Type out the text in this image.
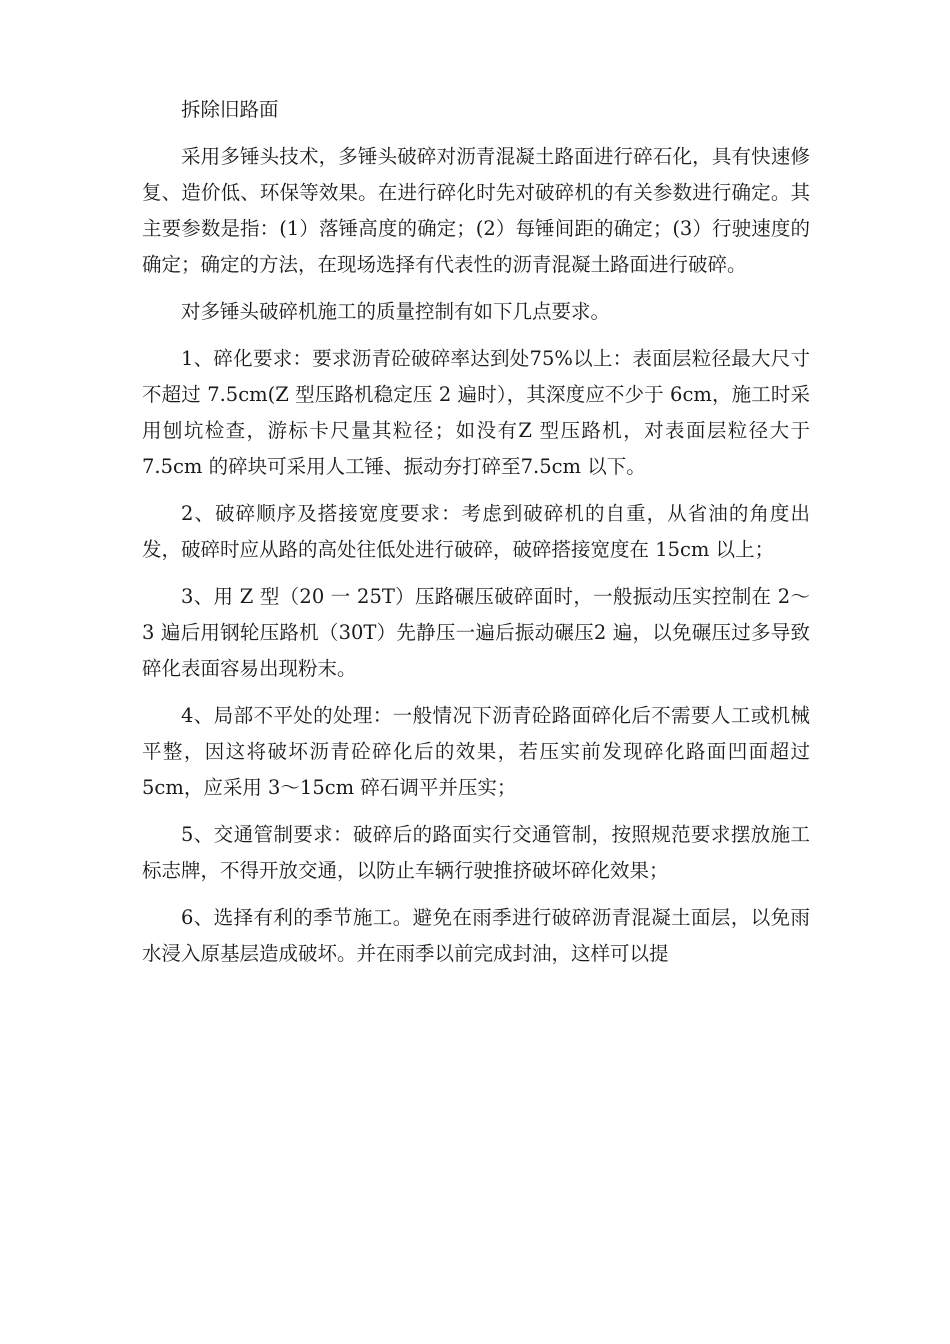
拆除旧路面

采用多锤头技术，多锤头破碎对沥青混凝土路面进行碎石化，具有快速修复、造价低、环保等效果。在进行碎化时先对破碎机的有关参数进行确定。其主要参数是指：(1）落锤高度的确定；(2）每锤间距的确定；(3）行驶速度的确定；确定的方法，在现场选择有代表性的沥青混凝土路面进行破碎。

对多锤头破碎机施工的质量控制有如下几点要求。

1、碎化要求：要求沥青砼破碎率达到处75%以上：表面层粒径最大尺寸不超过 7.5cm(Z 型压路机稳定压 2 遍时），其深度应不少于 6cm，施工时采用刨坑检查，游标卡尺量其粒径；如没有Z 型压路机，对表面层粒径大于 7.5cm 的碎块可采用人工锤、振动夯打碎至7.5cm 以下。

2、破碎顺序及搭接宽度要求：考虑到破碎机的自重，从省油的角度出发，破碎时应从路的高处往低处进行破碎，破碎搭接宽度在 15cm 以上；

3、用 Z 型（20 一 25T）压路碾压破碎面时，一般振动压实控制在 2～3 遍后用钢轮压路机（30T）先静压一遍后振动碾压2 遍，以免碾压过多导致碎化表面容易出现粉末。

4、局部不平处的处理：一般情况下沥青砼路面碎化后不需要人工或机械平整，因这将破坏沥青砼碎化后的效果，若压实前发现碎化路面凹面超过 5cm，应采用 3～15cm 碎石调平并压实；

5、交通管制要求：破碎后的路面实行交通管制，按照规范要求摆放施工标志牌，不得开放交通，以防止车辆行驶推挤破坏碎化效果；

6、选择有利的季节施工。避免在雨季进行破碎沥青混凝土面层，以免雨水浸入原基层造成破坏。并在雨季以前完成封油，这样可以提
